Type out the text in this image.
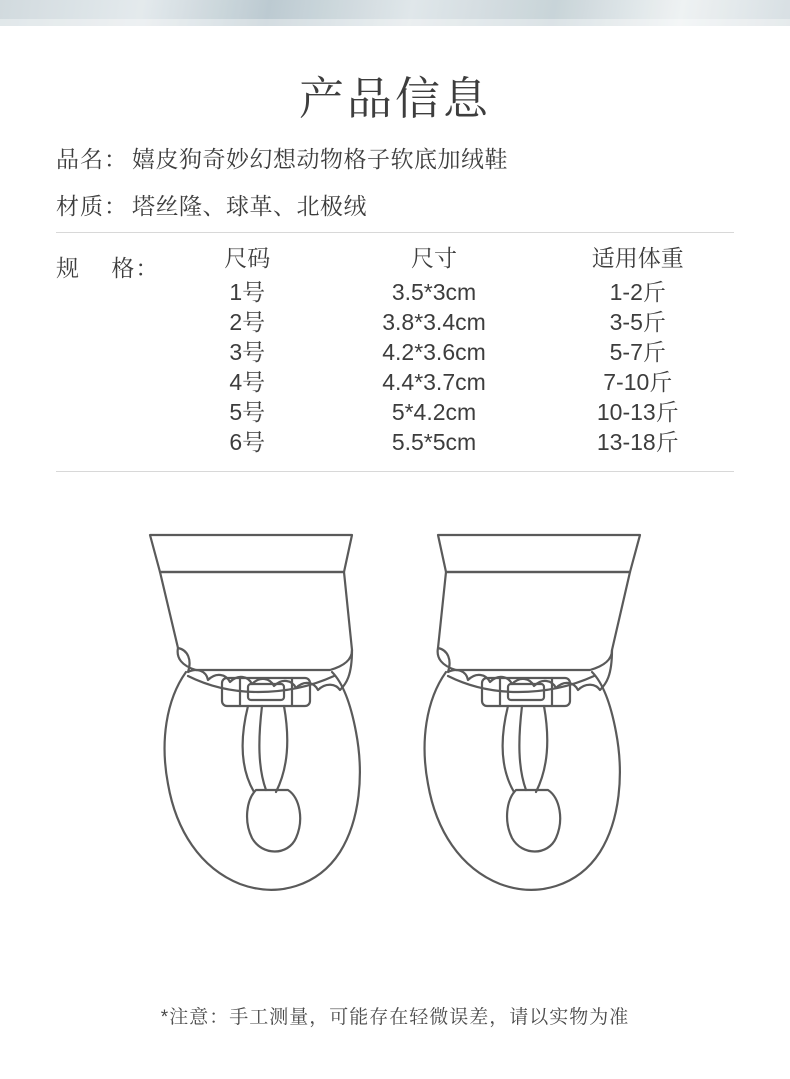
产品信息
品名： 嬉皮狗奇妙幻想动物格子软底加绒鞋
材质： 塔丝隆、球革、北极绒
规　 格：	尺码	尺寸	适用体重
1号	3.5*3cm	1-2斤
2号	3.8*3.4cm	3-5斤
3号	4.2*3.6cm	5-7斤
4号	4.4*3.7cm	7-10斤
5号	5*4.2cm	10-13斤
6号	5.5*5cm	13-18斤
*注意：手工测量，可能存在轻微误差，请以实物为准
